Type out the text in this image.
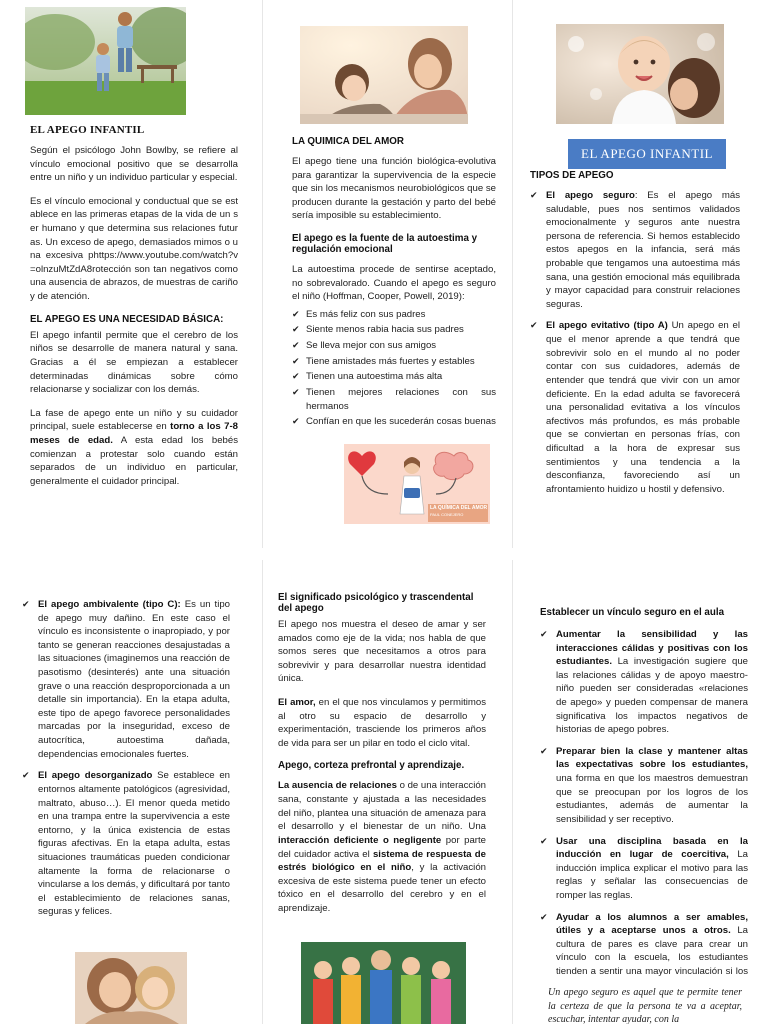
EL APEGO INFANTIL

Según el psicólogo John Bowlby, se refiere al vínculo emocional positivo que se desarrolla entre un niño y un individuo particular y especial.

Es el vínculo emocional y conductual que se establece en las primeras etapas de la vida de un ser humano y que determina sus relaciones futuras. Un exceso de apego, demasiados mimos o una excesiva phttps://www.youtube.com/watch?v=olnzuMtZdA8rotección son tan negativos como una ausencia de abrazos, de muestras de cariño y de atención.

EL APEGO ES UNA NECESIDAD BÁSICA:

El apego infantil permite que el cerebro de los niños se desarrolle de manera natural y sana. Gracias a él se empiezan a establecer determinadas dinámicas sobre cómo relacionarse y socializar con los demás.

La fase de apego ente un niño y su cuidador principal, suele establecerse en torno a los 7-8 meses de edad. A esta edad los bebés comienzan a protestar solo cuando están separados de un individuo en particular, generalmente el cuidador principal.

LA QUIMICA DEL AMOR

El apego tiene una función biológica-evolutiva para garantizar la supervivencia de la especie que sin los mecanismos neurobiológicos que se producen durante la gestación y parto del bebé sería imposible su establecimiento.

El apego es la fuente de la autoestima y regulación emocional

La autoestima procede de sentirse aceptado, no sobrevalorado. Cuando el apego es seguro el niño (Hoffman, Cooper, Powell, 2019):

✔ Es más feliz con sus padres
✔ Siente menos rabia hacia sus padres
✔ Se lleva mejor con sus amigos
✔ Tiene amistades más fuertes y estables
✔ Tienen una autoestima más alta
✔ Tienen mejores relaciones con sus hermanos
✔ Confían en que les sucederán cosas buenas
LA QUÍMICA DEL AMOR
PAUL CONEJERO
EL APEGO INFANTIL
TIPOS DE APEGO
✔ El apego seguro: Es el apego más saludable, pues nos sentimos validados emocionalmente y seguros ante nuestra persona de referencia. Si hemos establecido estos apegos en la infancia, será más probable que tengamos una autoestima más sana, una gestión emocional más equilibrada y mayor capacidad para construir relaciones seguras.
✔ El apego evitativo (tipo A) Un apego en el que el menor aprende a que tendrá que sobrevivir solo en el mundo al no poder contar con sus cuidadores, además de entender que tendrá que vivir con un amor deficiente. En la edad adulta se favorecerá una personalidad evitativa a los vínculos afectivos más profundos, es más probable que se conviertan en personas frías, con dificultad a la hora de expresar sus sentimientos y una tendencia a la desconfianza, favoreciendo así un afrontamiento huidizo u hostil y defensivo.
✔ El apego ambivalente (tipo C): Es un tipo de apego muy dañino. En este caso el vínculo es inconsistente o inapropiado, y por tanto se generan reacciones desajustadas a las situaciones (imaginemos una reacción de pasotismo (desinterés) ante una situación grave o una reacción desproporcionada a un detalle sin importancia). En la etapa adulta, este tipo de apego favorece personalidades marcadas por la inseguridad, exceso de autocrítica, autoestima dañada, dependencias emocionales fuertes.
✔ El apego desorganizado Se establece en entornos altamente patológicos (agresividad, maltrato, abuso…). El menor queda metido en una trampa entre la supervivencia a este entorno, y la única existencia de estas figuras afectivas. En la etapa adulta, estas situaciones traumáticas pueden condicionar altamente la forma de relacionarse o vincularse a los demás, y dificultará por tanto el establecimiento de relaciones sanas, seguras y felices.
El significado psicológico y trascendental del apego

El apego nos muestra el deseo de amar y ser amados como eje de la vida; nos habla de que somos seres que necesitamos a otros para sobrevivir y para desarrollar nuestra identidad única.

El amor, en el que nos vinculamos y permitimos al otro su espacio de desarrollo y experimentación, trasciende los primeros años de vida para ser un pilar en todo el ciclo vital.

Apego, corteza prefrontal y aprendizaje.

La ausencia de relaciones o de una interacción sana, constante y ajustada a las necesidades del niño, plantea una situación de amenaza para el desarrollo y el bienestar de un niño. Una interacción deficiente o negligente por parte del cuidador activa el sistema de respuesta de estrés biológico en el niño, y la activación excesiva de este sistema puede tener un efecto tóxico en el desarrollo del cerebro y en el aprendizaje.

Establecer un vínculo seguro en el aula
✔ Aumentar la sensibilidad y las interacciones cálidas y positivas con los estudiantes. La investigación sugiere que las relaciones cálidas y de apoyo maestro-niño pueden ser consideradas «relaciones de apego» y pueden compensar de manera significativa los impactos negativos de historias de apego pobres.
✔ Preparar bien la clase y mantener altas las expectativas sobre los estudiantes, una forma en que los maestros demuestran que se preocupan por los logros de los estudiantes, además de aumentar la sensibilidad y ser receptivo.
✔ Usar una disciplina basada en la inducción en lugar de coercitiva, La inducción implica explicar el motivo para las reglas y señalar las consecuencias de romper las reglas.
✔ Ayudar a los alumnos a ser amables, útiles y a aceptarse unos a otros. La cultura de pares es clave para crear un vínculo con la escuela, los estudiantes tienden a sentir una mayor vinculación si los
Un apego seguro es aquel que te permite tener la certeza de que la persona te va a aceptar, escuchar, intentar ayudar, con la
